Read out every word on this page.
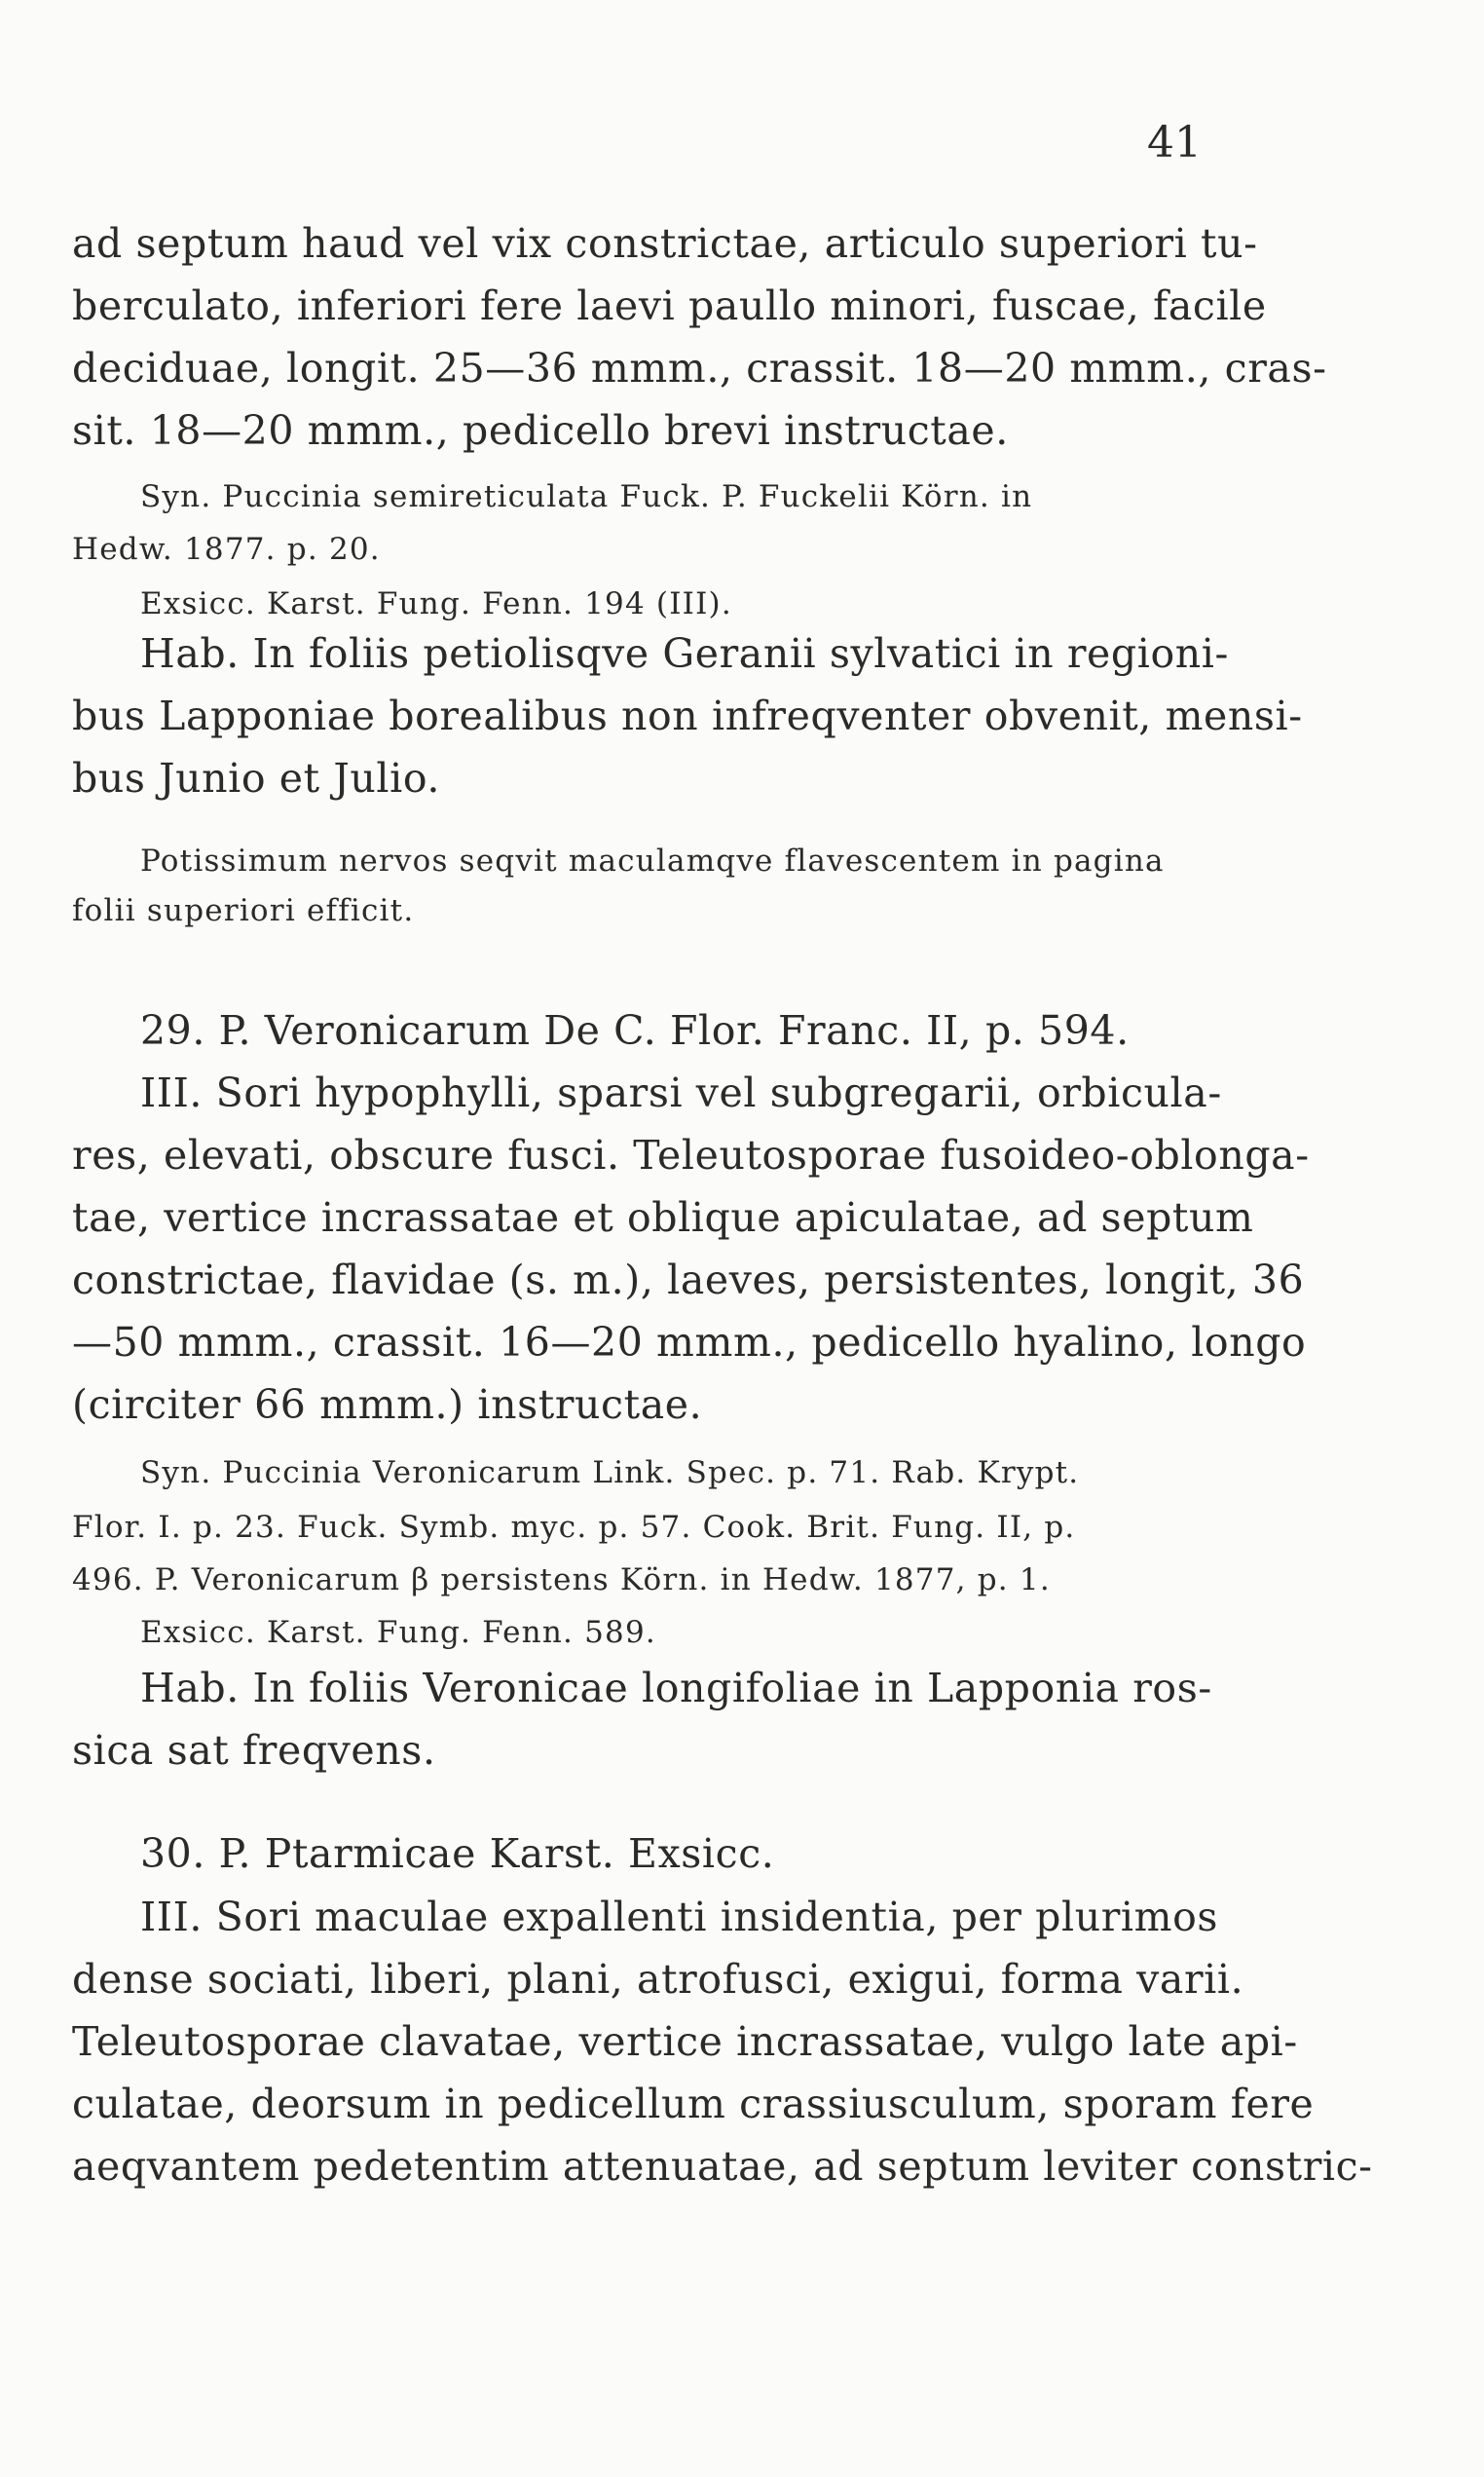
41
ad septum haud vel vix constrictae, articulo superiori tu-
berculato, inferiori fere laevi paullo minori, fuscae, facile
deciduae, longit. 25—36 mmm., crassit. 18—20 mmm., cras-
sit. 18—20 mmm., pedicello brevi instructae.
Syn. Puccinia semireticulata Fuck. P. Fuckelii Körn. in
Hedw. 1877. p. 20.
Exsicc. Karst. Fung. Fenn. 194 (III).
Hab. In foliis petiolisqve Geranii sylvatici in regioni-
bus Lapponiae borealibus non infreqventer obvenit, mensi-
bus Junio et Julio.
Potissimum nervos seqvit maculamqve flavescentem in pagina
folii superiori efficit.
29. P. Veronicarum De C. Flor. Franc. II, p. 594.
III. Sori hypophylli, sparsi vel subgregarii, orbicula-
res, elevati, obscure fusci. Teleutosporae fusoideo-oblonga-
tae, vertice incrassatae et oblique apiculatae, ad septum
constrictae, flavidae (s. m.), laeves, persistentes, longit, 36
—50 mmm., crassit. 16—20 mmm., pedicello hyalino, longo
(circiter 66 mmm.) instructae.
Syn. Puccinia Veronicarum Link. Spec. p. 71. Rab. Krypt.
Flor. I. p. 23. Fuck. Symb. myc. p. 57. Cook. Brit. Fung. II, p.
496. P. Veronicarum β persistens Körn. in Hedw. 1877, p. 1.
Exsicc. Karst. Fung. Fenn. 589.
Hab. In foliis Veronicae longifoliae in Lapponia ros-
sica sat freqvens.
30. P. Ptarmicae Karst. Exsicc.
III. Sori maculae expallenti insidentia, per plurimos
dense sociati, liberi, plani, atrofusci, exigui, forma varii.
Teleutosporae clavatae, vertice incrassatae, vulgo late api-
culatae, deorsum in pedicellum crassiusculum, sporam fere
aeqvantem pedetentim attenuatae, ad septum leviter constric-
